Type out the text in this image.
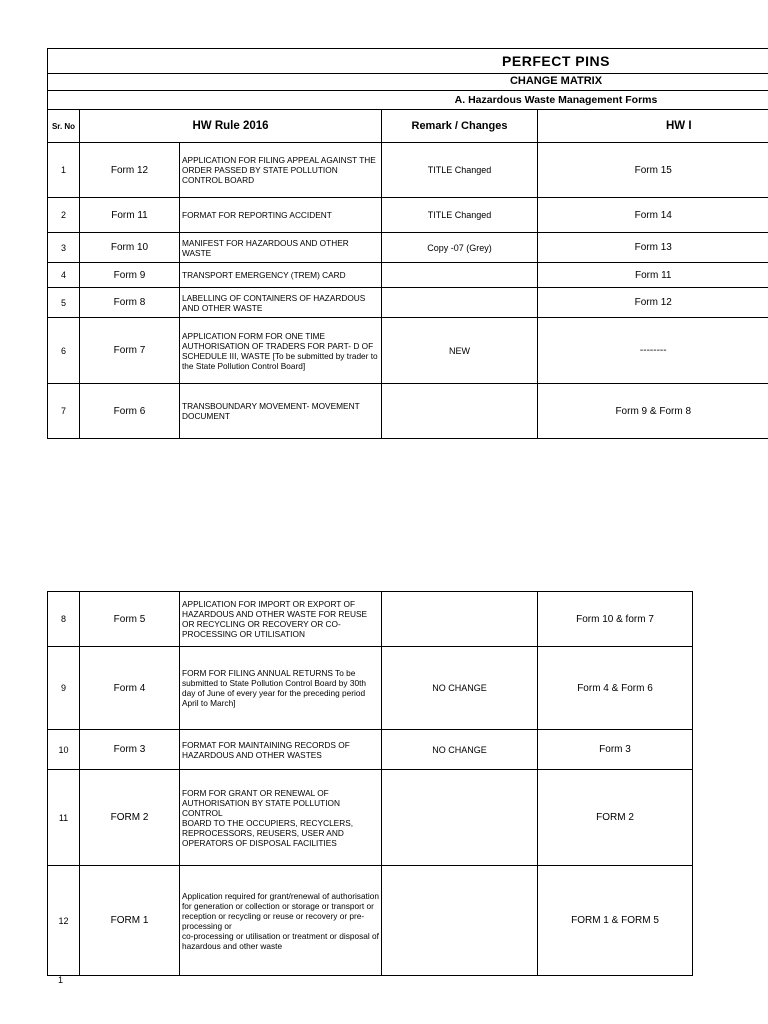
PERFECT PINS
CHANGE MATRIX
A. Hazardous Waste Management Forms
Sr. No	HW Rule 2016		Remark / Changes	HW I
1	Form 12	APPLICATION FOR FILING APPEAL AGAINST THE ORDER PASSED BY STATE POLLUTION CONTROL BOARD	TITLE Changed	Form 15
2	Form 11	FORMAT FOR REPORTING ACCIDENT	TITLE Changed	Form 14
3	Form 10	MANIFEST FOR HAZARDOUS AND OTHER WASTE	Copy -07 (Grey)	Form 13
4	Form 9	TRANSPORT EMERGENCY (TREM) CARD		Form 11
5	Form 8	LABELLING OF CONTAINERS OF HAZARDOUS AND OTHER WASTE		Form 12
6	Form 7	APPLICATION FORM FOR ONE TIME AUTHORISATION OF TRADERS FOR PART- D OF SCHEDULE III, WASTE [To be submitted by trader to the State Pollution Control Board]	NEW	--------
7	Form 6	TRANSBOUNDARY MOVEMENT- MOVEMENT DOCUMENT		Form 9 & Form 8
8	Form 5	APPLICATION FOR IMPORT OR EXPORT OF HAZARDOUS AND OTHER WASTE FOR REUSE OR RECYCLING OR RECOVERY OR CO-PROCESSING OR UTILISATION		Form 10 & form 7
9	Form 4	FORM FOR FILING ANNUAL RETURNS To be submitted to State Pollution Control Board by 30th day of June of every year for the preceding period April to March]	NO CHANGE	Form 4 & Form 6
10	Form 3	FORMAT FOR MAINTAINING RECORDS OF HAZARDOUS AND OTHER WASTES	NO CHANGE	Form 3
11	FORM 2	FORM FOR GRANT OR RENEWAL OF AUTHORISATION BY STATE POLLUTION CONTROL
BOARD TO THE OCCUPIERS, RECYCLERS, REPROCESSORS, REUSERS, USER AND OPERATORS OF DISPOSAL FACILITIES		FORM 2
12	FORM 1	Application required for grant/renewal of authorisation for generation or collection or storage or transport or reception or recycling or reuse or recovery or pre-processing or
co-processing or utilisation or treatment or disposal of hazardous and other waste		FORM 1 & FORM 5
1
